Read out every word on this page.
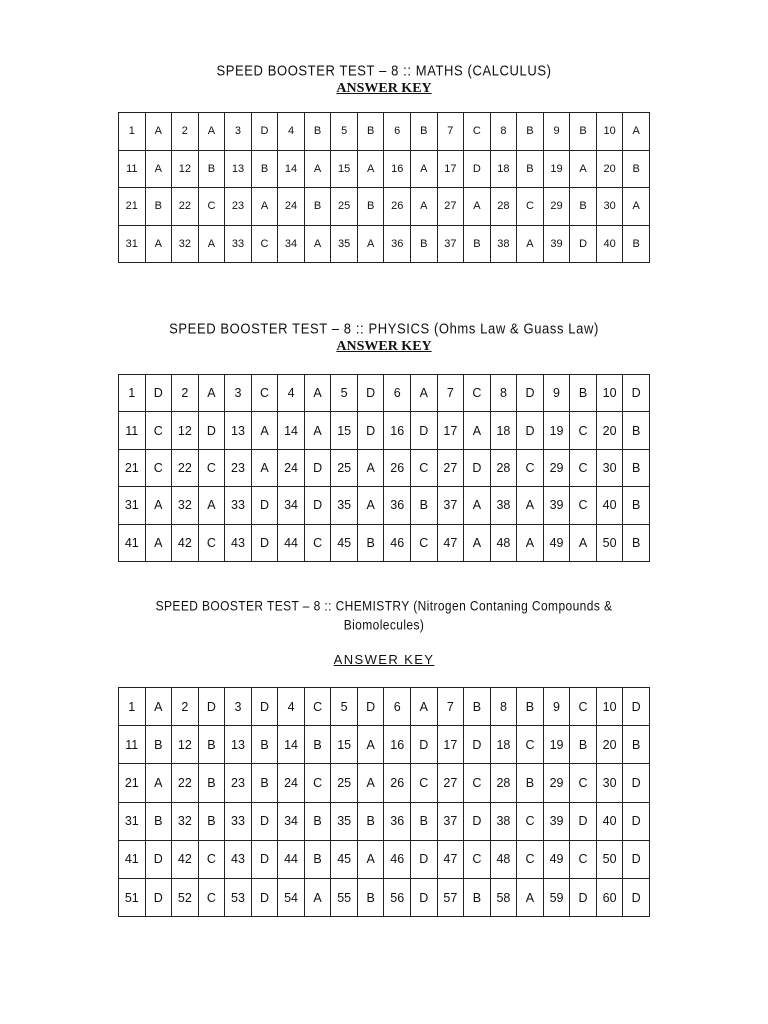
SPEED BOOSTER TEST – 8 :: MATHS (CALCULUS)
ANSWER KEY
1	A	2	A	3	D	4	B	5	B	6	B	7	C	8	B	9	B	10	A
11	A	12	B	13	B	14	A	15	A	16	A	17	D	18	B	19	A	20	B
21	B	22	C	23	A	24	B	25	B	26	A	27	A	28	C	29	B	30	A
31	A	32	A	33	C	34	A	35	A	36	B	37	B	38	A	39	D	40	B
SPEED BOOSTER TEST – 8 :: PHYSICS (Ohms Law & Guass Law)
ANSWER KEY
1	D	2	A	3	C	4	A	5	D	6	A	7	C	8	D	9	B	10	D
11	C	12	D	13	A	14	A	15	D	16	D	17	A	18	D	19	C	20	B
21	C	22	C	23	A	24	D	25	A	26	C	27	D	28	C	29	C	30	B
31	A	32	A	33	D	34	D	35	A	36	B	37	A	38	A	39	C	40	B
41	A	42	C	43	D	44	C	45	B	46	C	47	A	48	A	49	A	50	B
SPEED BOOSTER TEST – 8 :: CHEMISTRY (Nitrogen Contaning Compounds &
Biomolecules)
ANSWER KEY
1	A	2	D	3	D	4	C	5	D	6	A	7	B	8	B	9	C	10	D
11	B	12	B	13	B	14	B	15	A	16	D	17	D	18	C	19	B	20	B
21	A	22	B	23	B	24	C	25	A	26	C	27	C	28	B	29	C	30	D
31	B	32	B	33	D	34	B	35	B	36	B	37	D	38	C	39	D	40	D
41	D	42	C	43	D	44	B	45	A	46	D	47	C	48	C	49	C	50	D
51	D	52	C	53	D	54	A	55	B	56	D	57	B	58	A	59	D	60	D
